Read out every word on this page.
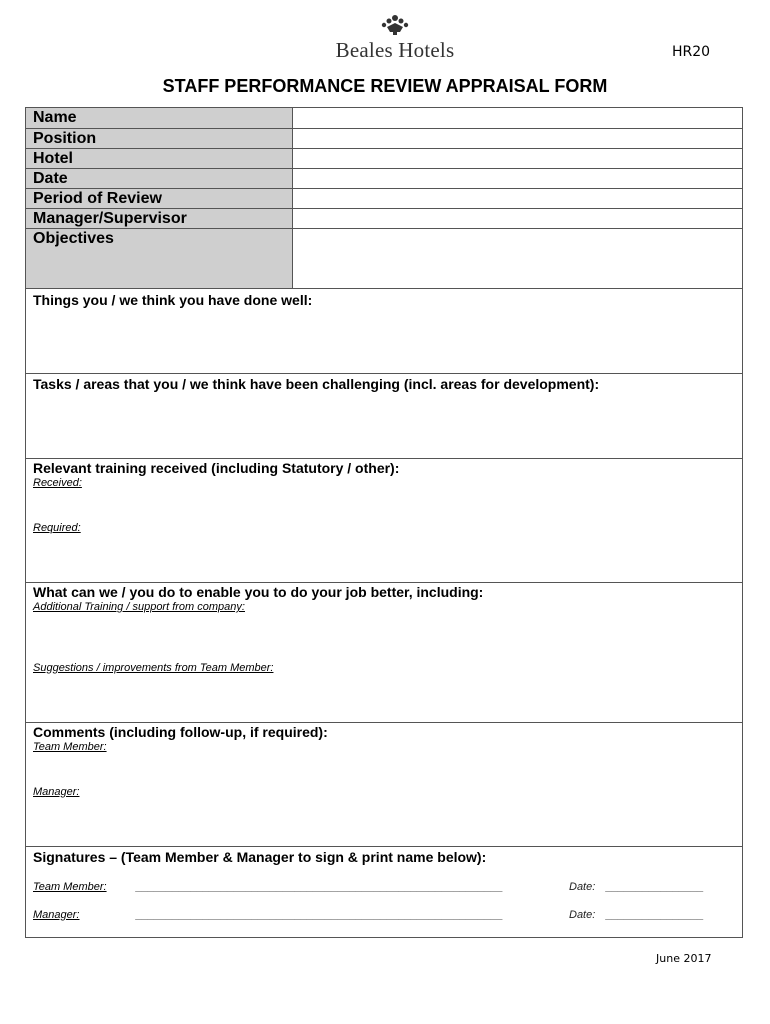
Beales Hotels	HR20
STAFF PERFORMANCE REVIEW APPRAISAL FORM
Name
Position
Hotel
Date
Period of Review
Manager/Supervisor
Objectives
Things you / we think you have done well:
Tasks / areas that you / we think have been challenging (incl. areas for development):
Relevant training received (including Statutory / other):
Received:
Required:
What can we / you do to enable you to do your job better, including:
Additional Training / support from company:
Suggestions / improvements from Team Member:
Comments (including follow-up, if required):
Team Member:
Manager:
Signatures – (Team Member & Manager to sign & print name below):
Team Member:	____________________________________________________________	Date: ________________
Manager:	____________________________________________________________	Date: ________________
June 2017
